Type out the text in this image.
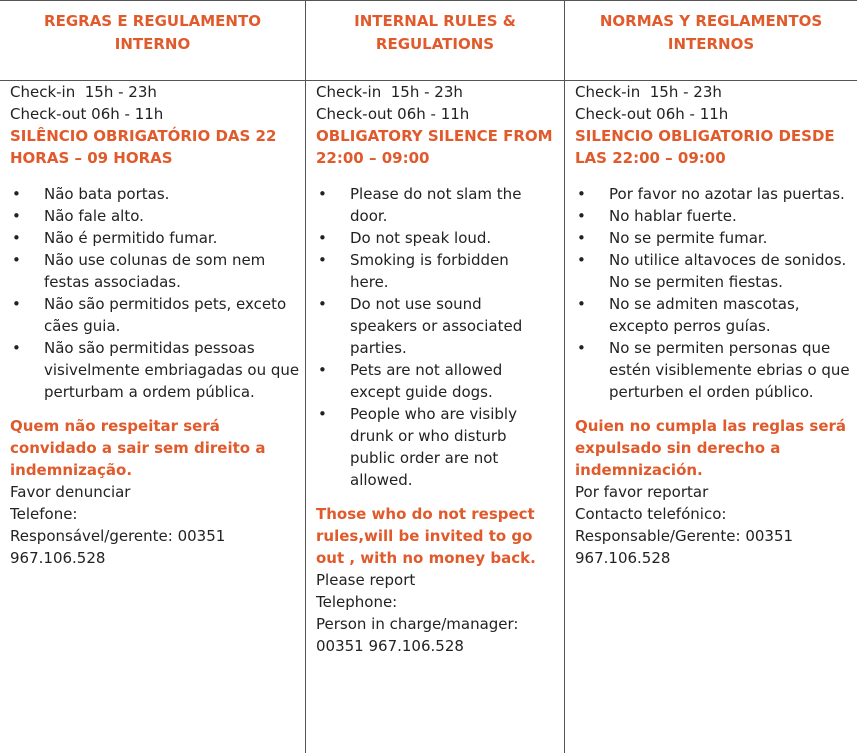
REGRAS E REGULAMENTO INTERNO

Check-in  15h - 23h

Check-out 06h - 11h

SILÊNCIO OBRIGATÓRIO DAS 22 HORAS – 09 HORAS

• Não bata portas.
• Não fale alto.
• Não é permitido fumar.
• Não use colunas de som nem festas associadas.
• Não são permitidos pets, exceto cães guia.
• Não são permitidas pessoas visivelmente embriagadas ou que perturbam a ordem pública.

Quem não respeitar será convidado a sair sem direito a indemnização.

Favor denunciar

Telefone:

Responsável/gerente: 00351 967.106.528

INTERNAL RULES & REGULATIONS

Check-in  15h - 23h

Check-out 06h - 11h

OBLIGATORY SILENCE FROM 22:00 – 09:00

• Please do not slam the door.
• Do not speak loud.
• Smoking is forbidden here.
• Do not use sound speakers or associated parties.
• Pets are not allowed except guide dogs.
• People who are visibly drunk or who disturb public order are not allowed.

Those who do not respect rules,will be invited to go out , with no money back.

Please report

Telephone:

Person in charge/manager: 00351 967.106.528

NORMAS Y REGLAMENTOS INTERNOS

Check-in  15h - 23h

Check-out 06h - 11h

SILENCIO OBLIGATORIO DESDE LAS 22:00 – 09:00

• Por favor no azotar las puertas.
• No hablar fuerte.
• No se permite fumar.
• No utilice altavoces de sonidos. No se permiten fiestas.
• No se admiten mascotas, excepto perros guías.
• No se permiten personas que estén visiblemente ebrias o que perturben el orden público.

Quien no cumpla las reglas será expulsado sin derecho a indemnización.

Por favor reportar

Contacto telefónico:

Responsable/Gerente: 00351 967.106.528
